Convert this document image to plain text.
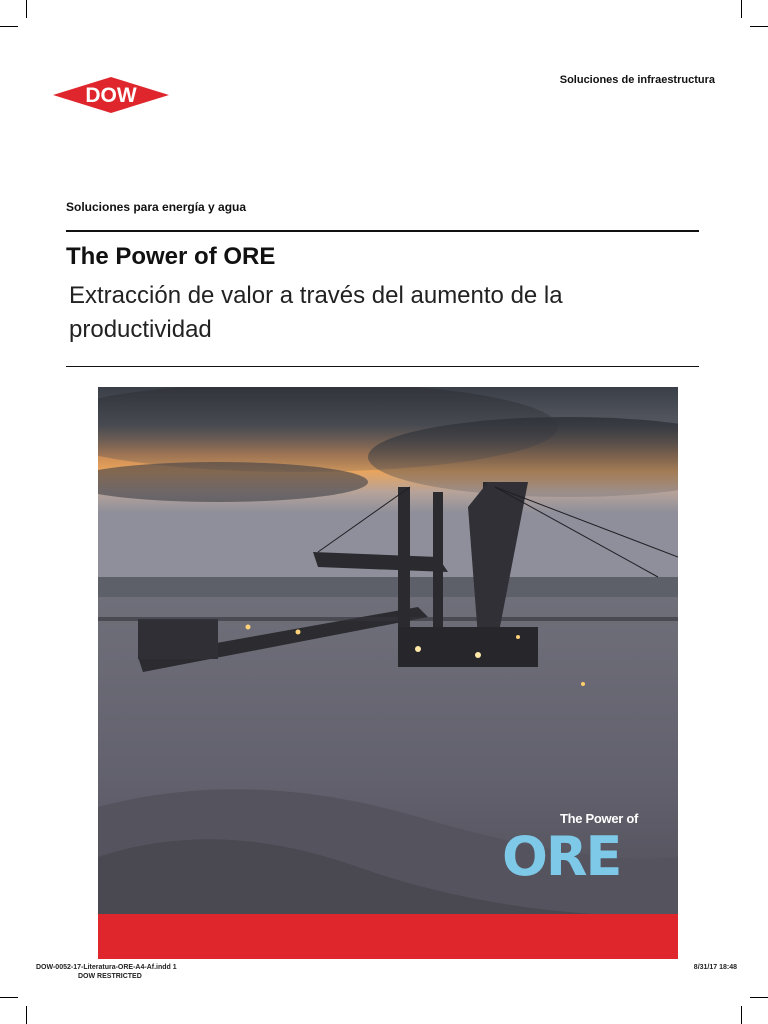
DOW
Soluciones de infraestructura
Soluciones para energía y agua
The Power of ORE

Extracción de valor a través del aumento de la productividad

The Power of
ORE
DOW-0052-17-Literatura-ORE-A4-Af.indd 1
DOW RESTRICTED
8/31/17 18:48
